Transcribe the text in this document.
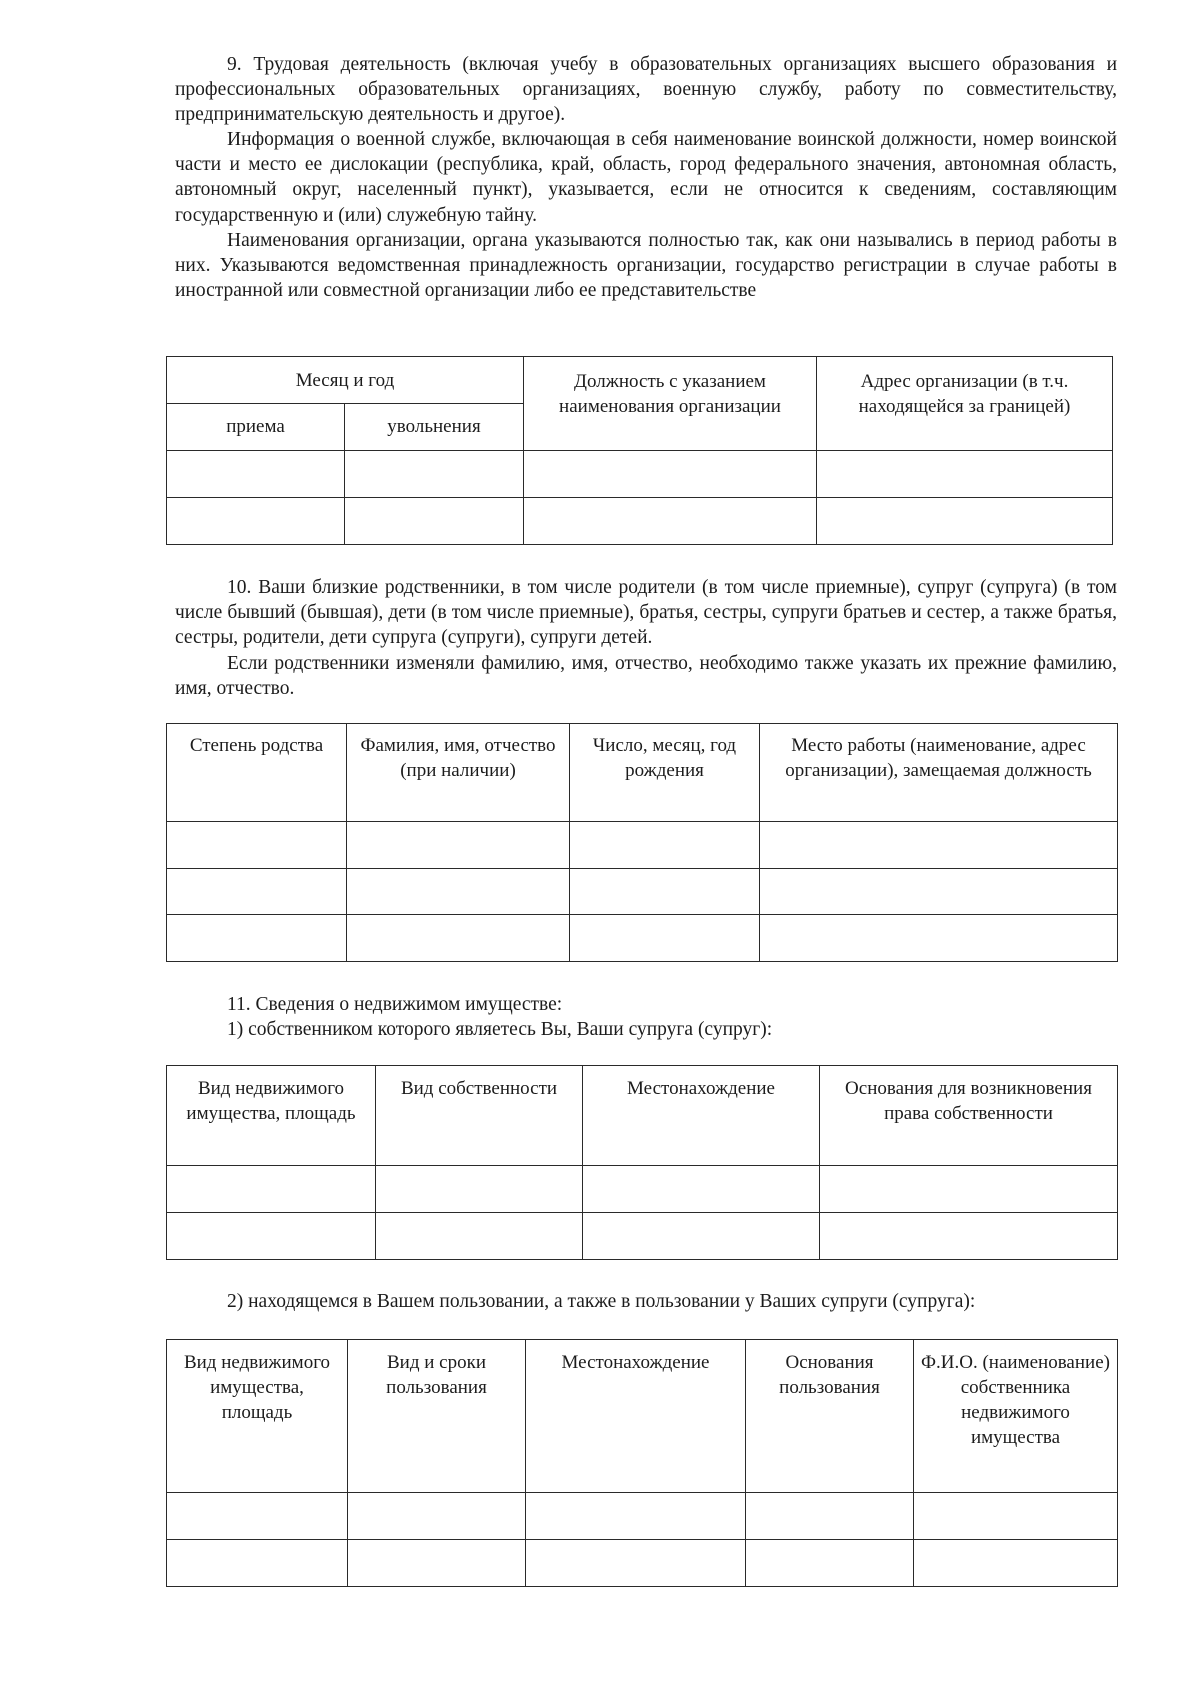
9. Трудовая деятельность (включая учебу в образовательных организациях высшего образования и профессиональных образовательных организациях, военную службу, работу по совместительству, предпринимательскую деятельность и другое).

Информация о военной службе, включающая в себя наименование воинской должности, номер воинской части и место ее дислокации (республика, край, область, город федерального значения, автономная область, автономный округ, населенный пункт), указывается, если не относится к сведениям, составляющим государственную и (или) служебную тайну.

Наименования организации, органа указываются полностью так, как они назывались в период работы в них. Указываются ведомственная принадлежность организации, государство регистрации в случае работы в иностранной или совместной организации либо ее представительстве

Месяц и год		Должность с указанием наименования организации	Адрес организации (в т.ч. находящейся за границей)
приема	увольнения		

10. Ваши близкие родственники, в том числе родители (в том числе приемные), супруг (супруга) (в том числе бывший (бывшая), дети (в том числе приемные), братья, сестры, супруги братьев и сестер, а также братья, сестры, родители, дети супруга (супруги), супруги детей.

Если родственники изменяли фамилию, имя, отчество, необходимо также указать их прежние фамилию, имя, отчество.

Степень родства	Фамилия, имя, отчество (при наличии)	Число, месяц, год рождения	Место работы (наименование, адрес организации), замещаемая должность

11. Сведения о недвижимом имуществе:

1) собственником которого являетесь Вы, Ваши супруга (супруг):

Вид недвижимого имущества, площадь	Вид собственности	Местонахождение	Основания для возникновения права собственности

2) находящемся в Вашем пользовании, а также в пользовании у Ваших супруги (супруга):

Вид недвижимого имущества, площадь	Вид и сроки пользования	Местонахождение	Основания пользования	Ф.И.О. (наименование) собственника недвижимого имущества
